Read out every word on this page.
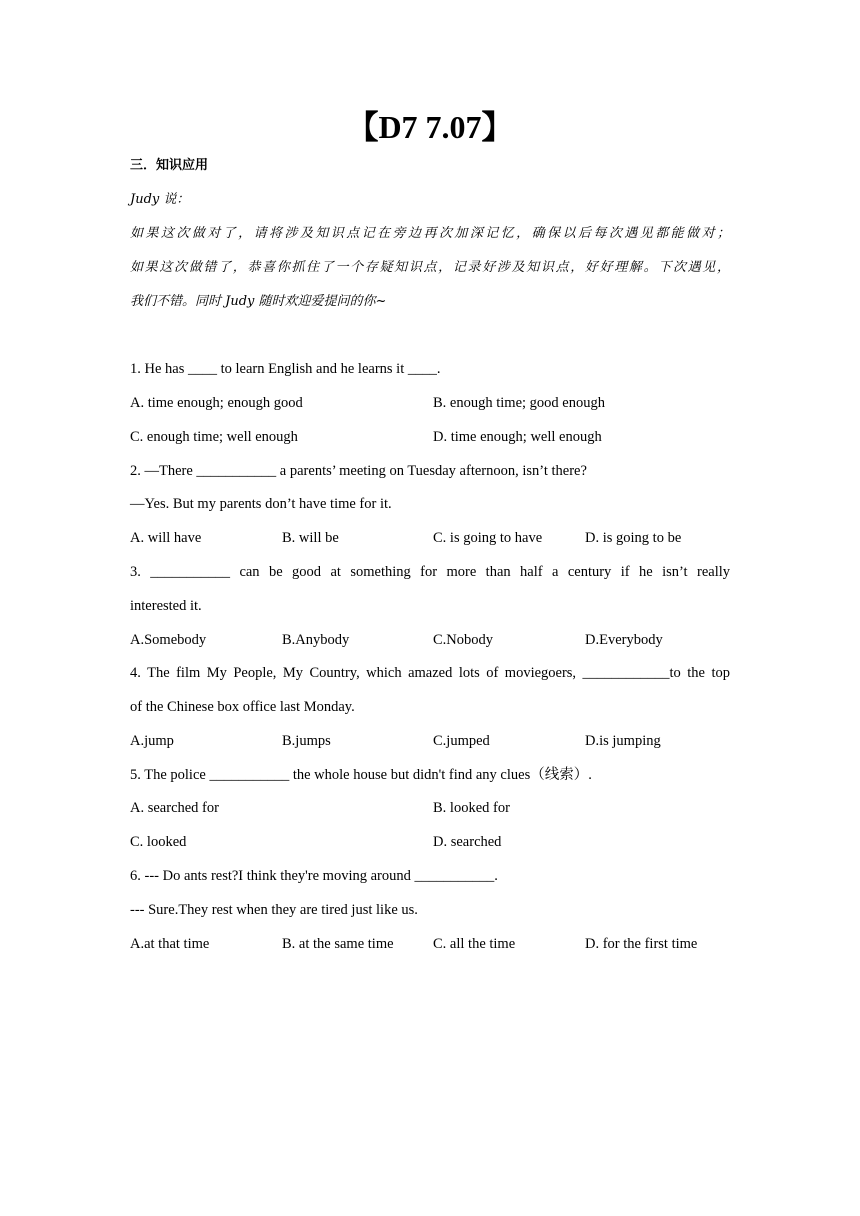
【D7 7.07】
三．知识应用
Judy 说：
如果这次做对了，请将涉及知识点记在旁边再次加深记忆，确保以后每次遇见都能做对；
如果这次做错了，恭喜你抓住了一个存疑知识点，记录好涉及知识点，好好理解。下次遇见，
我们不错。同时 Judy 随时欢迎爱提问的你~
1. He has ____ to learn English and he learns it ____.
A. time enough; enough good	B. enough time; good enough
C. enough time; well enough	D. time enough; well enough
2. —There ___________ a parents’ meeting on Tuesday afternoon, isn’t there?
—Yes. But my parents don’t have time for it.
A. will have	B. will be	C. is going to have	D. is going to be
3. ___________ can be good at something for more than half a century if he isn’t really
interested it.
A.Somebody	B.Anybody	C.Nobody	D.Everybody
4. The film My People, My Country, which amazed lots of moviegoers, ____________to the top
of the Chinese box office last Monday.
A.jump	B.jumps	C.jumped	D.is jumping
5. The police ___________ the whole house but didn't find any clues（线索）.
A. searched for	B. looked for
C. looked	D. searched
6. --- Do ants rest?I think they're moving around ___________.
--- Sure.They rest when they are tired just like us.
A.at that time	B. at the same time	C. all the time	D. for the first time
